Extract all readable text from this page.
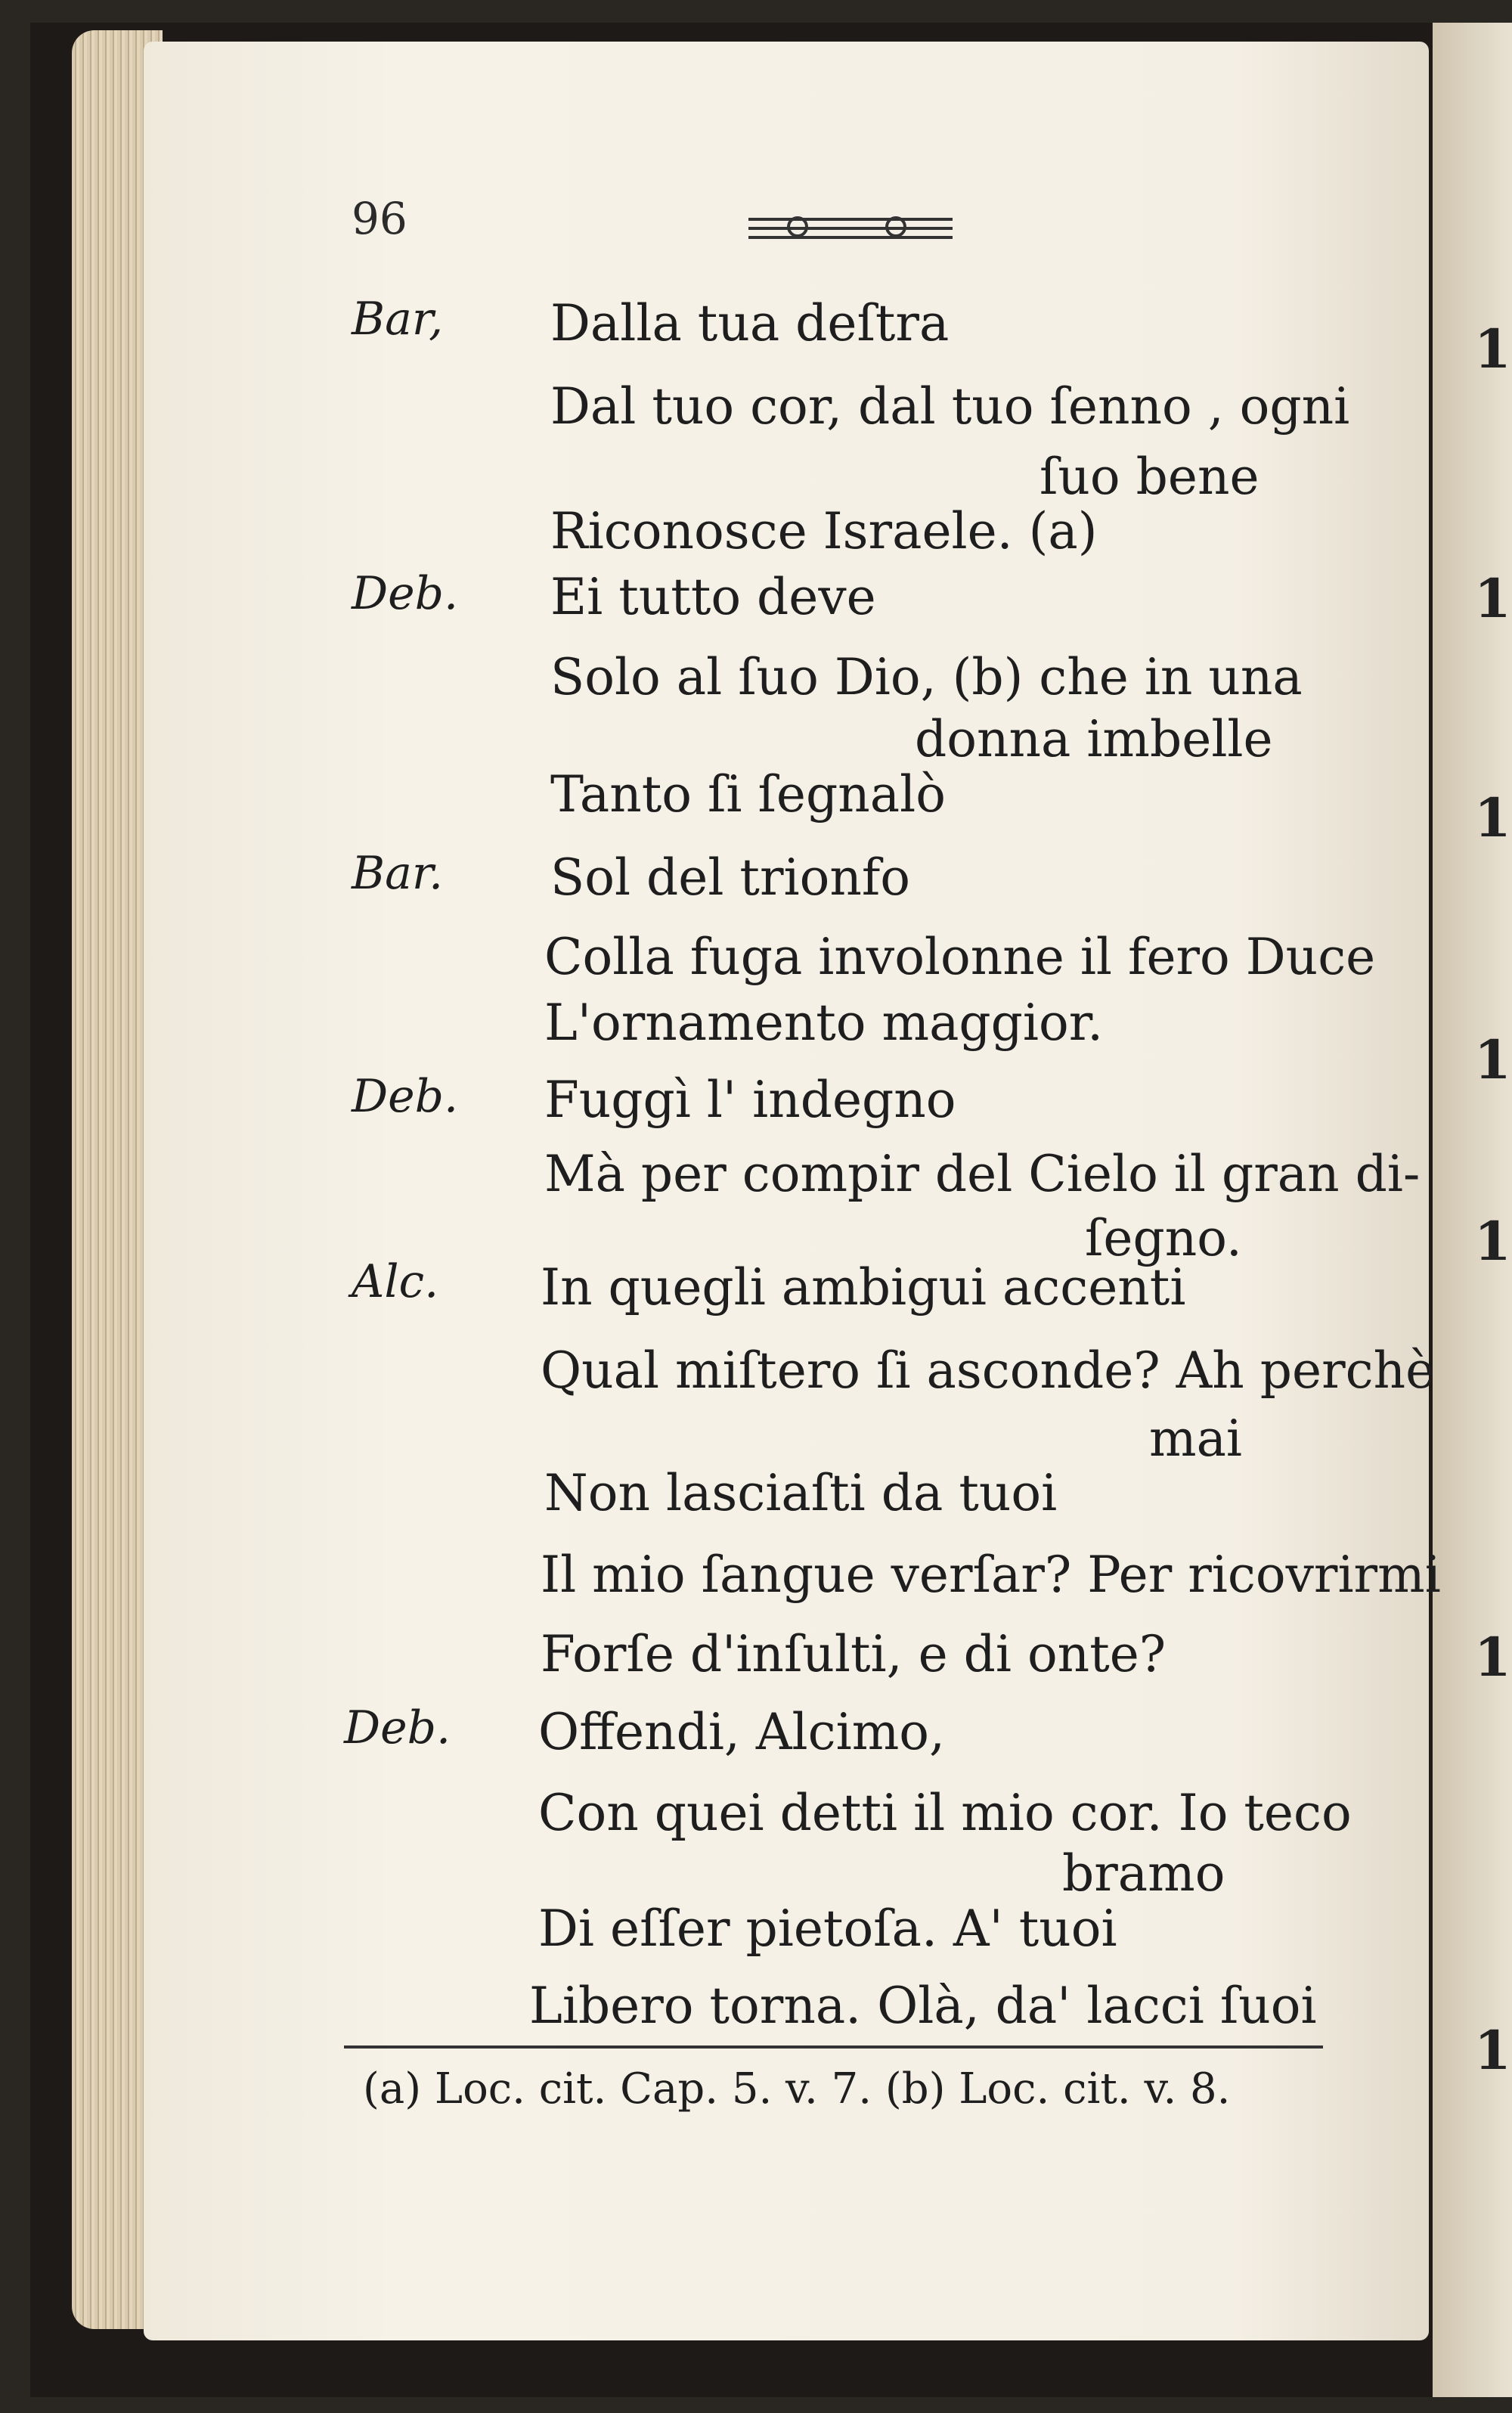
1
1
1
1
1
1
1
96
Bar, Dalla tua deſtra
Dal tuo cor, dal tuo ſenno , ogni
ſuo bene
Riconosce Israele. (a)
Deb. Ei tutto deve
Solo al ſuo Dio, (b) che in una
donna imbelle
Tanto ſi ſegnalò
Bar. Sol del trionfo
Colla fuga involonne il fero Duce
L'ornamento maggior.
Deb. Fuggì l' indegno
Mà per compir del Cielo il gran di-
ſegno.
Alc. In quegli ambigui accenti
Qual miſtero ſi asconde? Ah perchè
mai
Non lasciaſti da tuoi
Il mio ſangue verſar? Per ricovrirmi
Forſe d'inſulti, e di onte?
Deb. Offendi, Alcimo,
Con quei detti il mio cor. Io teco
bramo
Di eſſer pietoſa. A' tuoi
Libero torna. Olà, da' lacci ſuoi
(a) Loc. cit. Cap. 5. v. 7. (b) Loc. cit. v. 8.
